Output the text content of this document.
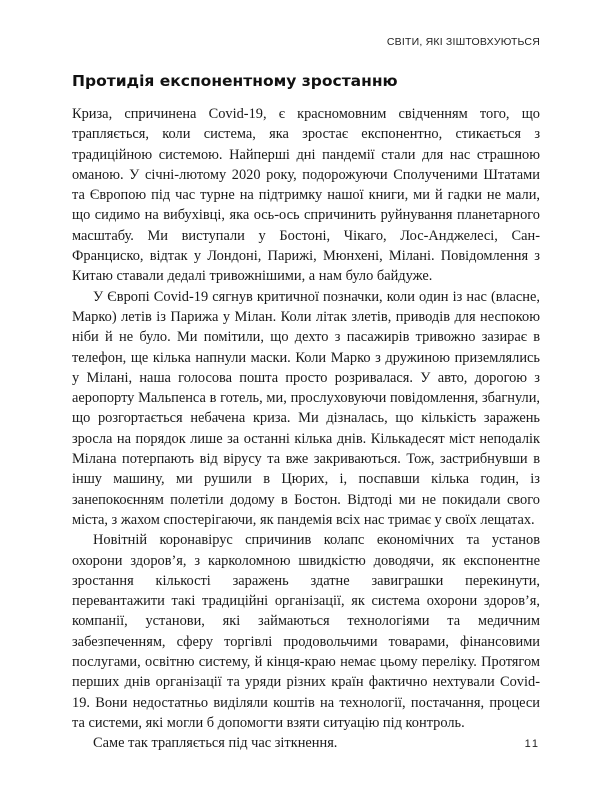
СВІТИ, ЯКІ ЗІШТОВХУЮТЬСЯ
Протидія експонентному зростанню

Криза, спричинена Covid-19, є красномовним свідченням того, що трапляється, коли система, яка зростає експонентно, стикається з традиційною системою. Найперші дні пандемії стали для нас страшною оманою. У січні-лютому 2020 року, подорожуючи Сполученими Штатами та Європою під час турне на підтримку нашої книги, ми й гадки не мали, що сидимо на вибухівці, яка ось-ось спричинить руйнування планетарного масштабу. Ми виступали у Бостоні, Чікаго, Лос-Анджелесі, Сан-Франциско, відтак у Лондоні, Парижі, Мюнхені, Мілані. Повідомлення з Китаю ставали дедалі тривожнішими, а нам було байдуже.

У Європі Covid-19 сягнув критичної позначки, коли один із нас (власне, Марко) летів із Парижа у Мілан. Коли літак злетів, приводів для неспокою ніби й не було. Ми помітили, що дехто з пасажирів тривожно зазирає в телефон, ще кілька напнули маски. Коли Марко з дружиною приземлялись у Мілані, наша голосова пошта просто розривалася. У авто, дорогою з аеропорту Мальпенса в готель, ми, прослуховуючи повідомлення, збагнули, що розгортається небачена криза. Ми дізналась, що кількість заражень зросла на порядок лише за останні кілька днів. Кількадесят міст неподалік Мілана потерпають від вірусу та вже закриваються. Тож, застрибнувши в іншу машину, ми рушили в Цюрих, і, поспавши кілька годин, із занепокоєнням полетіли додому в Бостон. Відтоді ми не покидали свого міста, з жахом спостерігаючи, як пандемія всіх нас тримає у своїх лещатах.

Новітній коронавірус спричинив колапс економічних та установ охорони здоров’я, з карколомною швидкістю доводячи, як експонентне зростання кількості заражень здатне завиграшки перекинути, перевантажити такі традиційні організації, як система охорони здоров’я, компанії, установи, які займаються технологіями та медичним забезпеченням, сферу торгівлі продовольчими товарами, фінансовими послугами, освітню систему, й кінця-краю немає цьому переліку. Протягом перших днів організації та уряди різних країн фактично нехтували Covid-19. Вони недостатньо виділяли коштів на технології, постачання, процеси та системи, які могли б допомогти взяти ситуацію під контроль.

Саме так трапляється під час зіткнення.	11
